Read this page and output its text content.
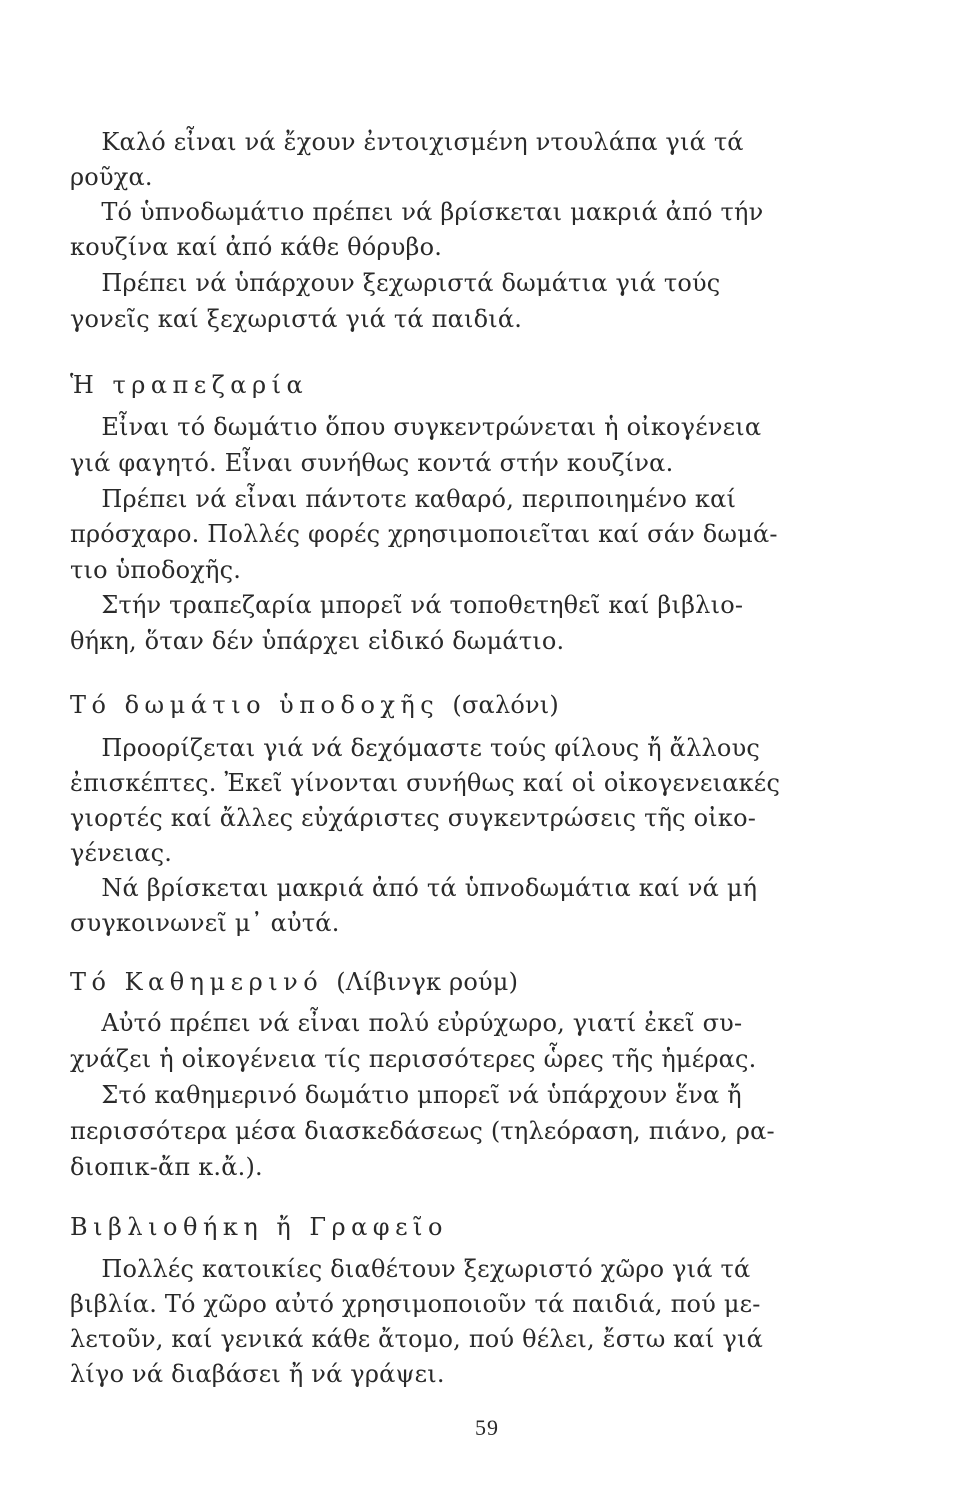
Καλό εἶναι νά ἔχουν ἐντοιχισμένη ντουλάπα γιά τά
ροῦχα.
Τό ὑπνοδωμάτιο πρέπει νά βρίσκεται μακριά ἀπό τήν
κουζίνα καί ἀπό κάθε θόρυβο.
Πρέπει νά ὑπάρχουν ξεχωριστά δωμάτια γιά τούς
γονεῖς καί ξεχωριστά γιά τά παιδιά.
Ἡ τραπεζαρία
Εἶναι τό δωμάτιο ὅπου συγκεντρώνεται ἡ οἰκογένεια
γιά φαγητό. Εἶναι συνήθως κοντά στήν κουζίνα.
Πρέπει νά εἶναι πάντοτε καθαρό, περιποιημένο καί
πρόσχαρο. Πολλές φορές χρησιμοποιεῖται καί σάν δωμά-
τιο ὑποδοχῆς.
Στήν τραπεζαρία μπορεῖ νά τοποθετηθεῖ καί βιβλιο-
θήκη, ὅταν δέν ὑπάρχει εἰδικό δωμάτιο.
Τό δωμάτιο ὑποδοχῆς (σαλόνι)
Προορίζεται γιά νά δεχόμαστε τούς φίλους ἤ ἄλλους
ἐπισκέπτες. Ἐκεῖ γίνονται συνήθως καί οἱ οἰκογενειακές
γιορτές καί ἄλλες εὐχάριστες συγκεντρώσεις τῆς οἰκο-
γένειας.
Νά βρίσκεται μακριά ἀπό τά ὑπνοδωμάτια καί νά μή
συγκοινωνεῖ μ᾽ αὐτά.
Τό Καθημερινό (Λίβινγκ ρούμ)
Αὐτό πρέπει νά εἶναι πολύ εὐρύχωρο, γιατί ἐκεῖ συ-
χνάζει ἡ οἰκογένεια τίς περισσότερες ὧρες τῆς ἡμέρας.
Στό καθημερινό δωμάτιο μπορεῖ νά ὑπάρχουν ἕνα ἤ
περισσότερα μέσα διασκεδάσεως (τηλεόραση, πιάνο, ρα-
διοπικ-ἄπ κ.ἄ.).
Βιβλιοθήκη ἤ Γραφεῖο
Πολλές κατοικίες διαθέτουν ξεχωριστό χῶρο γιά τά
βιβλία. Τό χῶρο αὐτό χρησιμοποιοῦν τά παιδιά, πού με-
λετοῦν, καί γενικά κάθε ἄτομο, πού θέλει, ἔστω καί γιά
λίγο νά διαβάσει ἤ νά γράψει.
59
